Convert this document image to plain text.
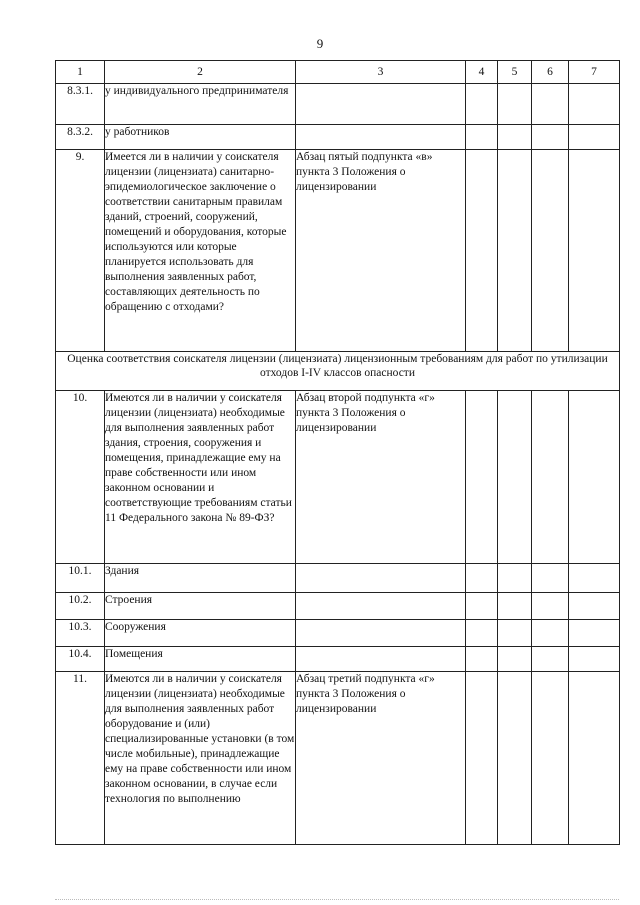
9
1	2	3	4	5	6	7
8.3.1.	у индивидуального предпринимателя					
8.3.2.	у работников					
9.	Имеется ли в наличии у соискателя лицензии (лицензиата) санитарно-эпидемиологическое заключение о соответствии санитарным правилам зданий, строений, сооружений, помещений и оборудования, которые используются или которые планируется использовать для выполнения заявленных работ, составляющих деятельность по обращению с отходами?	Абзац пятый подпункта «в» пункта 3 Положения о лицензировании				
Оценка соответствия соискателя лицензии (лицензиата) лицензионным требованиям для работ по утилизации отходов I-IV классов опасности						
10.	Имеются ли в наличии у соискателя лицензии (лицензиата) необходимые для выполнения заявленных работ здания, строения, сооружения и помещения, принадлежащие ему на праве собственности или ином законном основании и соответствующие требованиям статьи 11 Федерального закона № 89-ФЗ?	Абзац второй подпункта «г» пункта 3 Положения о лицензировании				
10.1.	Здания					
10.2.	Строения					
10.3.	Сооружения					
10.4.	Помещения					
11.	Имеются ли в наличии у соискателя лицензии (лицензиата) необходимые для выполнения заявленных работ оборудование и (или) специализированные установки (в том числе мобильные), принадлежащие ему на праве собственности или ином законном основании, в случае если технология по выполнению	Абзац третий подпункта «г» пункта 3 Положения о лицензировании				
